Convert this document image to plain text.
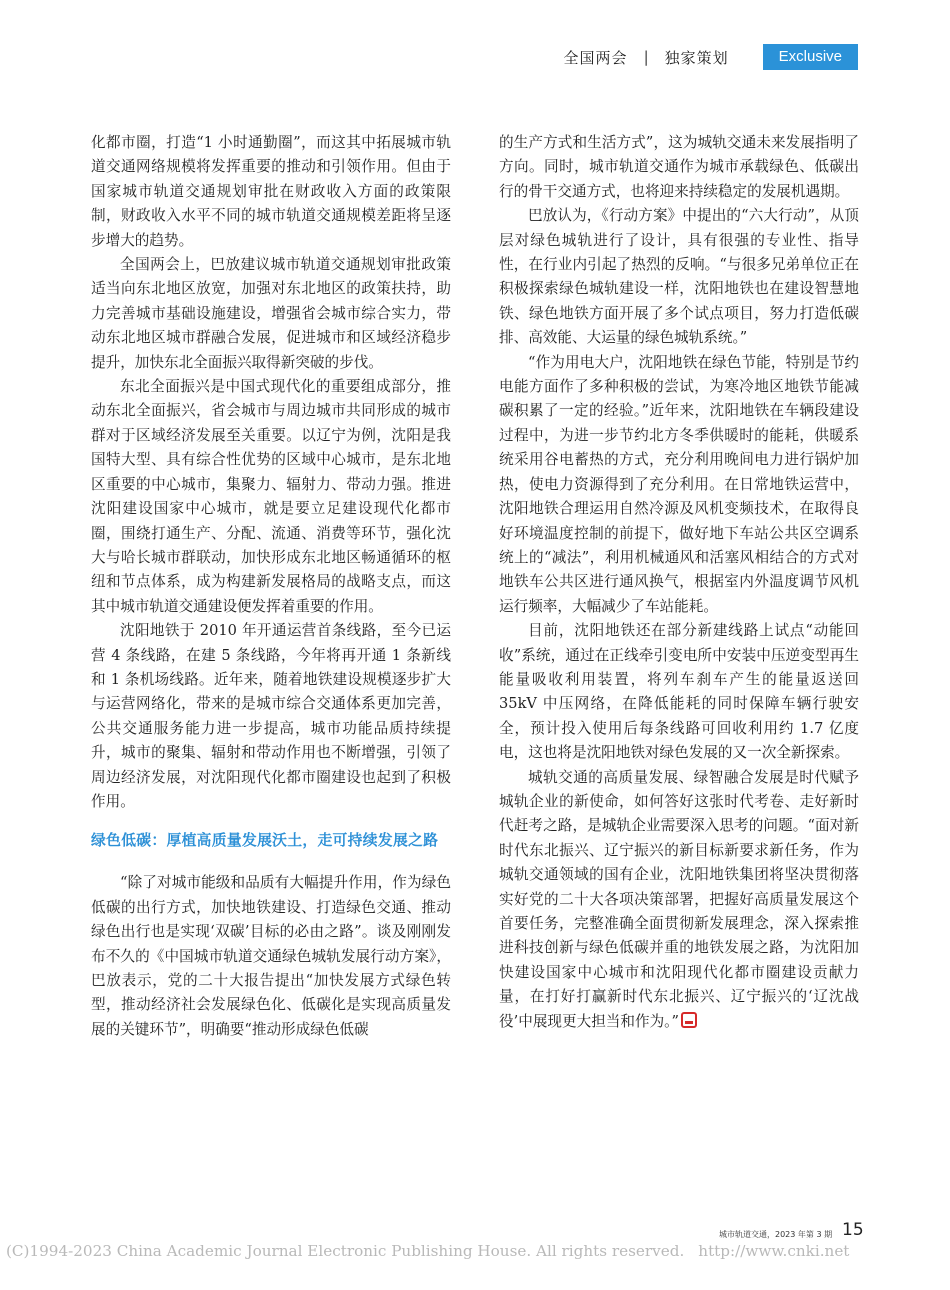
全国两会 | 独家策划	Exclusive

化都市圈，打造“1 小时通勤圈”，而这其中拓展城市轨道交通网络规模将发挥重要的推动和引领作用。但由于国家城市轨道交通规划审批在财政收入方面的政策限制，财政收入水平不同的城市轨道交通规模差距将呈逐步增大的趋势。

全国两会上，巴放建议城市轨道交通规划审批政策适当向东北地区放宽，加强对东北地区的政策扶持，助力完善城市基础设施建设，增强省会城市综合实力，带动东北地区城市群融合发展，促进城市和区域经济稳步提升，加快东北全面振兴取得新突破的步伐。

东北全面振兴是中国式现代化的重要组成部分，推动东北全面振兴，省会城市与周边城市共同形成的城市群对于区域经济发展至关重要。以辽宁为例，沈阳是我国特大型、具有综合性优势的区域中心城市，是东北地区重要的中心城市，集聚力、辐射力、带动力强。推进沈阳建设国家中心城市，就是要立足建设现代化都市圈，围绕打通生产、分配、流通、消费等环节，强化沈大与哈长城市群联动，加快形成东北地区畅通循环的枢纽和节点体系，成为构建新发展格局的战略支点，而这其中城市轨道交通建设便发挥着重要的作用。

沈阳地铁于 2010 年开通运营首条线路，至今已运营 4 条线路，在建 5 条线路，今年将再开通 1 条新线和 1 条机场线路。近年来，随着地铁建设规模逐步扩大与运营网络化，带来的是城市综合交通体系更加完善，公共交通服务能力进一步提高，城市功能品质持续提升，城市的聚集、辐射和带动作用也不断增强，引领了周边经济发展，对沈阳现代化都市圈建设也起到了积极作用。

绿色低碳：厚植高质量发展沃土，走可持续发展之路

“除了对城市能级和品质有大幅提升作用，作为绿色低碳的出行方式，加快地铁建设、打造绿色交通、推动绿色出行也是实现‘双碳’目标的必由之路”。谈及刚刚发布不久的《中国城市轨道交通绿色城轨发展行动方案》，巴放表示，党的二十大报告提出“加快发展方式绿色转型，推动经济社会发展绿色化、低碳化是实现高质量发展的关键环节”，明确要“推动形成绿色低碳

的生产方式和生活方式”，这为城轨交通未来发展指明了方向。同时，城市轨道交通作为城市承载绿色、低碳出行的骨干交通方式，也将迎来持续稳定的发展机遇期。

巴放认为，《行动方案》中提出的“六大行动”，从顶层对绿色城轨进行了设计，具有很强的专业性、指导性，在行业内引起了热烈的反响。“与很多兄弟单位正在积极探索绿色城轨建设一样，沈阳地铁也在建设智慧地铁、绿色地铁方面开展了多个试点项目，努力打造低碳排、高效能、大运量的绿色城轨系统。”

“作为用电大户，沈阳地铁在绿色节能，特别是节约电能方面作了多种积极的尝试，为寒冷地区地铁节能减碳积累了一定的经验。”近年来，沈阳地铁在车辆段建设过程中，为进一步节约北方冬季供暖时的能耗，供暖系统采用谷电蓄热的方式，充分利用晚间电力进行锅炉加热，使电力资源得到了充分利用。在日常地铁运营中，沈阳地铁合理运用自然冷源及风机变频技术，在取得良好环境温度控制的前提下，做好地下车站公共区空调系统上的“减法”，利用机械通风和活塞风相结合的方式对地铁车公共区进行通风换气，根据室内外温度调节风机运行频率，大幅减少了车站能耗。

目前，沈阳地铁还在部分新建线路上试点“动能回收”系统，通过在正线牵引变电所中安装中压逆变型再生能量吸收利用装置，将列车刹车产生的能量返送回 35kV 中压网络，在降低能耗的同时保障车辆行驶安全，预计投入使用后每条线路可回收利用约 1.7 亿度电，这也将是沈阳地铁对绿色发展的又一次全新探索。

城轨交通的高质量发展、绿智融合发展是时代赋予城轨企业的新使命，如何答好这张时代考卷、走好新时代赶考之路，是城轨企业需要深入思考的问题。“面对新时代东北振兴、辽宁振兴的新目标新要求新任务，作为城轨交通领域的国有企业，沈阳地铁集团将坚决贯彻落实好党的二十大各项决策部署，把握好高质量发展这个首要任务，完整准确全面贯彻新发展理念，深入探索推进科技创新与绿色低碳并重的地铁发展之路，为沈阳加快建设国家中心城市和沈阳现代化都市圈建设贡献力量，在打好打赢新时代东北振兴、辽宁振兴的‘辽沈战役’中展现更大担当和作为。”

城市轨道交通，2023 年第 3 期 15
(C)1994-2023 China Academic Journal Electronic Publishing House. All rights reserved. http://www.cnki.net
